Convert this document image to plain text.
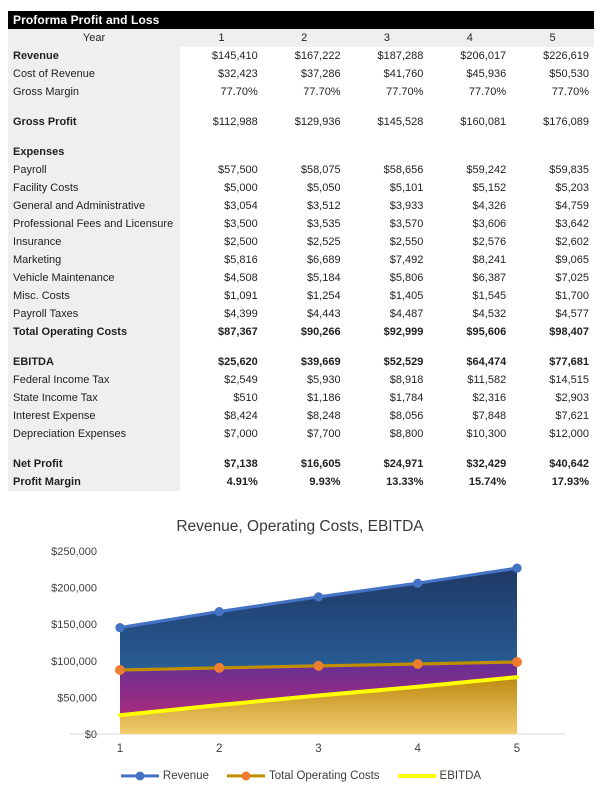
Proforma Profit and Loss
Year	1	2	3	4	5
Revenue	$145,410	$167,222	$187,288	$206,017	$226,619
Cost of Revenue	$32,423	$37,286	$41,760	$45,936	$50,530
Gross Margin	77.70%	77.70%	77.70%	77.70%	77.70%

Gross Profit	$112,988	$129,936	$145,528	$160,081	$176,089

Expenses					
Payroll	$57,500	$58,075	$58,656	$59,242	$59,835
Facility Costs	$5,000	$5,050	$5,101	$5,152	$5,203
General and Administrative	$3,054	$3,512	$3,933	$4,326	$4,759
Professional Fees and Licensure	$3,500	$3,535	$3,570	$3,606	$3,642
Insurance	$2,500	$2,525	$2,550	$2,576	$2,602
Marketing	$5,816	$6,689	$7,492	$8,241	$9,065
Vehicle Maintenance	$4,508	$5,184	$5,806	$6,387	$7,025
Misc. Costs	$1,091	$1,254	$1,405	$1,545	$1,700
Payroll Taxes	$4,399	$4,443	$4,487	$4,532	$4,577
Total Operating Costs	$87,367	$90,266	$92,999	$95,606	$98,407

EBITDA	$25,620	$39,669	$52,529	$64,474	$77,681
Federal Income Tax	$2,549	$5,930	$8,918	$11,582	$14,515
State Income Tax	$510	$1,186	$1,784	$2,316	$2,903
Interest Expense	$8,424	$8,248	$8,056	$7,848	$7,621
Depreciation Expenses	$7,000	$7,700	$8,800	$10,300	$12,000

Net Profit	$7,138	$16,605	$24,971	$32,429	$40,642
Profit Margin	4.91%	9.93%	13.33%	15.74%	17.93%
Revenue, Operating Costs, EBITDA
$0
$50,000
$100,000
$150,000
$200,000
$250,000
1	2	3	4	5
Revenue	Total Operating Costs	EBITDA
